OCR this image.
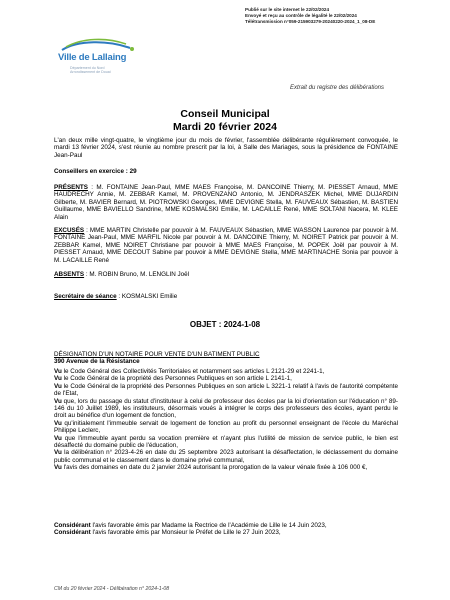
Publié sur le site internet le 22/02/2024
Envoyé et reçu au contrôle de légalité le 22/02/2024
Télétransmission n°059-215903279-20240220-2024_1_08-DE
Ville de Lallaing
Département du Nord
Arrondissement de Douai
Extrait du registre des délibérations
Conseil Municipal
Mardi 20 février 2024
L'an deux mille vingt-quatre, le vingtième jour du mois de février, l'assemblée délibérante régulièrement convoquée, le mardi 13 février 2024, s'est réunie au nombre prescrit par la loi, à Salle des Mariages, sous la présidence de FONTAINE Jean-Paul
Conseillers en exercice : 29
PRÉSENTS : M. FONTAINE Jean-Paul, MME MAES Françoise, M. DANCOINE Thierry, M. PIESSET Arnaud, MME HAUDRECHY Annie, M. ZEBBAR Kamel, M. PROVENZANO Antonio, M. JENDRASZEK Michel, MME DUJARDIN Gilberte, M. BAVIER Bernard, M. PIOTROWSKI Georges, MME DEVIGNE Stella, M. FAUVEAUX Sébastien, M. BASTIEN Guillaume, MME BAVIELLO Sandrine, MME KOSMALSKI Emilie, M. LACAILLE René, MME SOLTANI Nacera, M. KLEE Alain
EXCUSÉS : MME MARTIN Christelle par pouvoir à M. FAUVEAUX Sébastien, MME WASSON Laurence par pouvoir à M. FONTAINE Jean-Paul, MME MARFIL Nicole par pouvoir à M. DANCOINE Thierry, M. NOIRET Patrick par pouvoir à M. ZEBBAR Kamel, MME NOIRET Christiane par pouvoir à MME MAES Françoise, M. POPEK Joël par pouvoir à M. PIESSET Arnaud, MME DECOUT Sabine par pouvoir à MME DEVIGNE Stella, MME MARTINACHE Sonia par pouvoir à M. LACAILLE René
ABSENTS : M. ROBIN Bruno, M. LENGLIN Joël
Secrétaire de séance : KOSMALSKI Emilie
OBJET : 2024-1-08
DÉSIGNATION D'UN NOTAIRE POUR VENTE D'UN BATIMENT PUBLIC
390 Avenue de la Résistance

Vu le Code Général des Collectivités Territoriales et notamment ses articles L 2121-29 et 2241-1,

Vu le Code Général de la propriété des Personnes Publiques en son article L 2141-1,

Vu le Code Général de la propriété des Personnes Publiques en son article L 3221-1 relatif à l'avis de l'autorité compétente de l'Etat,

Vu que, lors du passage du statut d'instituteur à celui de professeur des écoles par la loi d'orientation sur l'éducation n° 89-146 du 10 Juillet 1989, les instituteurs, désormais voués à intégrer le corps des professeurs des écoles, ayant perdu le droit au bénéfice d'un logement de fonction,

Vu qu'initialement l'immeuble servait de logement de fonction au profit du personnel enseignant de l'école du Maréchal Philippe Leclerc,

Vu que l'immeuble ayant perdu sa vocation première et n'ayant plus l'utilité de mission de service public, le bien est désaffecté du domaine public de l'éducation,

Vu la délibération n° 2023-4-26 en date du 25 septembre 2023 autorisant la désaffectation, le déclassement du domaine public communal et le classement dans le domaine privé communal,

Vu l'avis des domaines en date du 2 janvier 2024 autorisant la prorogation de la valeur vénale fixée à 106 000 €,

Considérant l'avis favorable émis par Madame la Rectrice de l'Académie de Lille le 14 Juin 2023,

Considérant l'avis favorable émis par Monsieur le Préfet de Lille le 27 Juin 2023,

CM du 20 février 2024 - Délibération n° 2024-1-08
